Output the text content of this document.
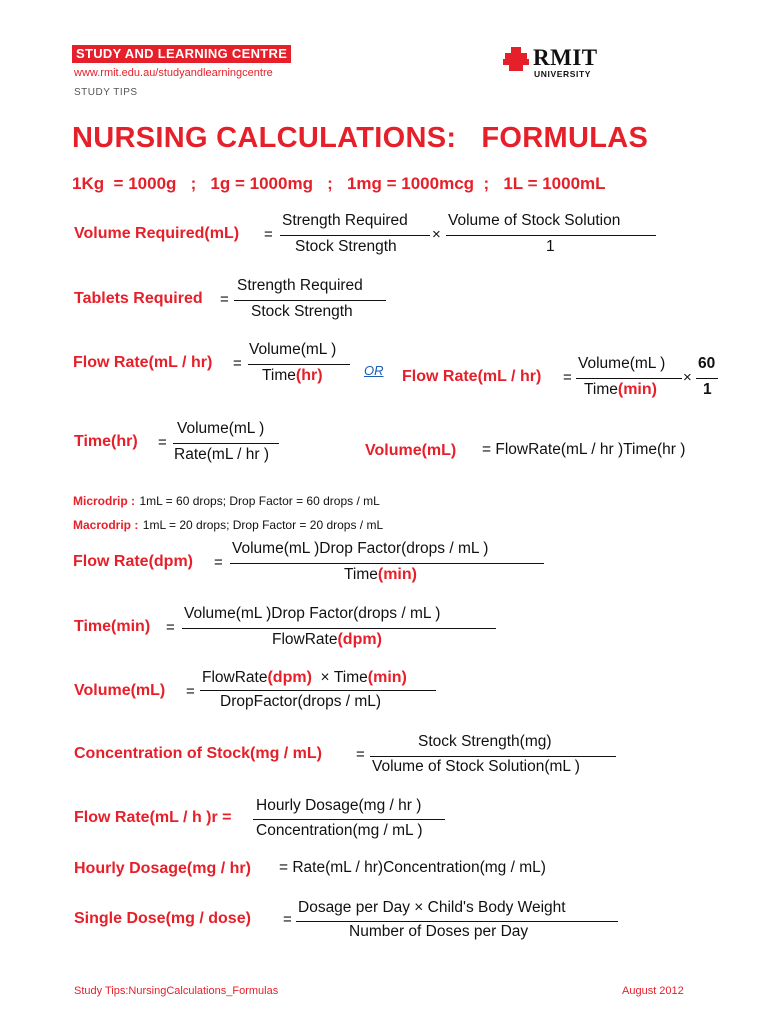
STUDY AND LEARNING CENTRE
www.rmit.edu.au/studyandlearningcentre
STUDY TIPS
RMIT
UNIVERSITY
NURSING CALCULATIONS:   FORMULAS
1Kg  = 1000g   ;   1g = 1000mg   ;   1mg = 1000mcg  ;   1L = 1000mL
Volume Required(mL) =
Strength Required
Stock Strength
×
Volume of Stock Solution
1
Tablets Required =
Strength Required
Stock Strength
Flow Rate(mL / hr) =
Volume(mL )
Time(hr)	OR Flow Rate(mL / hr) =
Volume(mL )
Time(min)
×
60
1
Time(hr) =
Volume(mL )
Rate(mL / hr )	Volume(mL) = FlowRate(mL / hr )Time(hr )
Microdrip : 1mL = 60 drops; Drop Factor = 60 drops / mL
Macrodrip : 1mL = 20 drops; Drop Factor = 20 drops / mL
Flow Rate(dpm) =
Volume(mL )Drop Factor(drops / mL )
Time(min)
Time(min) =
Volume(mL )Drop Factor(drops / mL )
FlowRate(dpm)
Volume(mL) =
FlowRate(dpm)  × Time(min)
DropFactor(drops / mL)
Concentration of Stock(mg / mL) =
Stock Strength(mg)
Volume of Stock Solution(mL )
Flow Rate(mL / h )r =
Hourly Dosage(mg / hr )
Concentration(mg / mL )
Hourly Dosage(mg / hr) = Rate(mL / hr)Concentration(mg / mL)
Single Dose(mg / dose) =
Dosage per Day × Child's Body Weight
Number of Doses per Day
Study Tips:NursingCalculations_Formulas	August 2012
